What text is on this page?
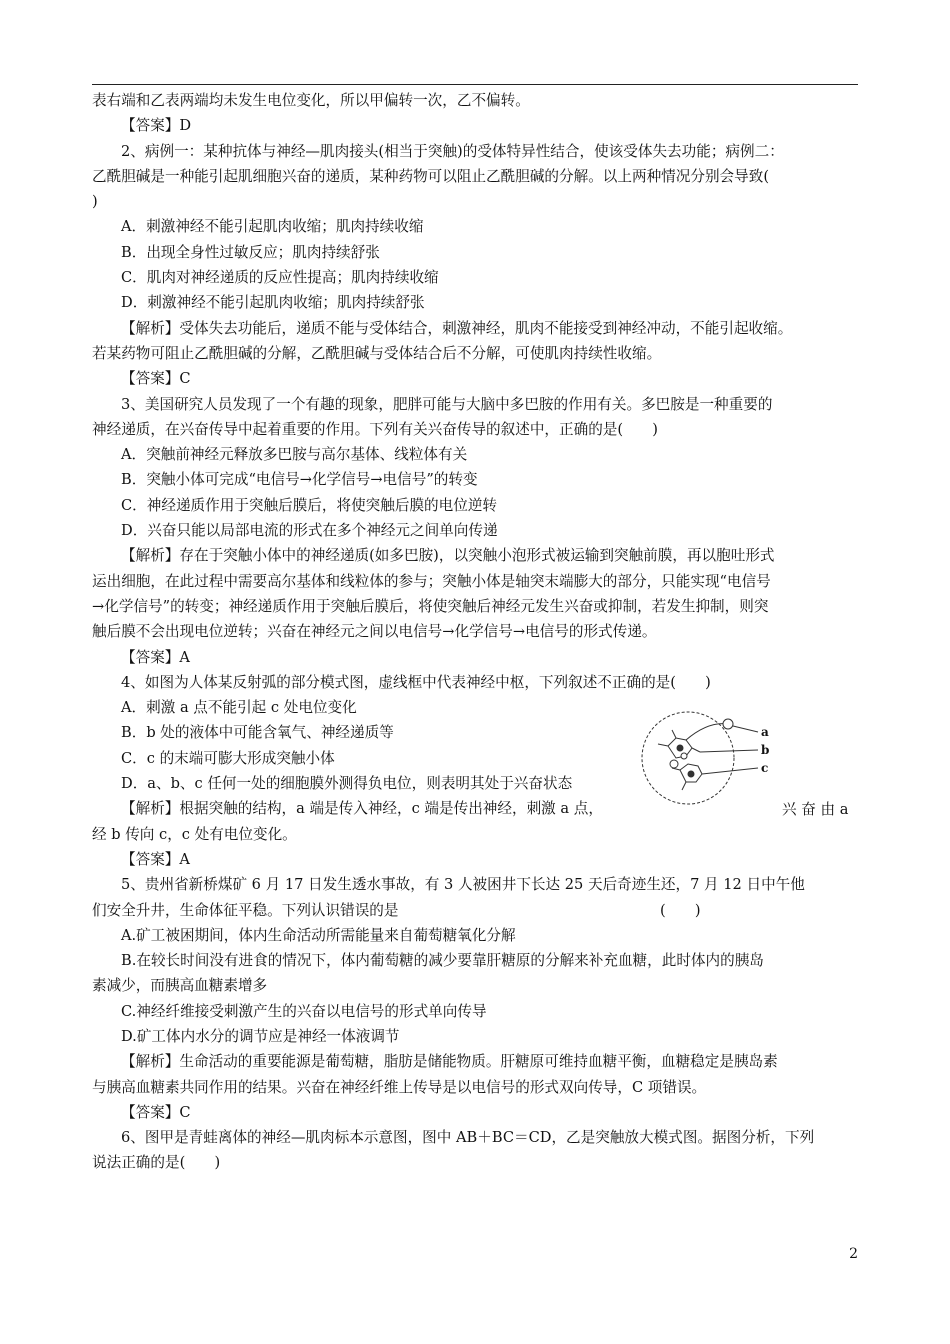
表右端和乙表两端均未发生电位变化，所以甲偏转一次，乙不偏转。
【答案】D
2、病例一：某种抗体与神经—肌肉接头(相当于突触)的受体特异性结合，使该受体失去功能；病例二：
乙酰胆碱是一种能引起肌细胞兴奋的递质，某种药物可以阻止乙酰胆碱的分解。以上两种情况分别会导致(
)
A．刺激神经不能引起肌肉收缩；肌肉持续收缩
B．出现全身性过敏反应；肌肉持续舒张
C．肌肉对神经递质的反应性提高；肌肉持续收缩
D．刺激神经不能引起肌肉收缩；肌肉持续舒张
【解析】受体失去功能后，递质不能与受体结合，刺激神经，肌肉不能接受到神经冲动，不能引起收缩。
若某药物可阻止乙酰胆碱的分解，乙酰胆碱与受体结合后不分解，可使肌肉持续性收缩。
【答案】C
3、美国研究人员发现了一个有趣的现象，肥胖可能与大脑中多巴胺的作用有关。多巴胺是一种重要的
神经递质，在兴奋传导中起着重要的作用。下列有关兴奋传导的叙述中，正确的是(　　)
A．突触前神经元释放多巴胺与高尔基体、线粒体有关
B．突触小体可完成“电信号→化学信号→电信号”的转变
C．神经递质作用于突触后膜后，将使突触后膜的电位逆转
D．兴奋只能以局部电流的形式在多个神经元之间单向传递
【解析】存在于突触小体中的神经递质(如多巴胺)，以突触小泡形式被运输到突触前膜，再以胞吐形式
运出细胞，在此过程中需要高尔基体和线粒体的参与；突触小体是轴突末端膨大的部分，只能实现“电信号
→化学信号”的转变；神经递质作用于突触后膜后，将使突触后神经元发生兴奋或抑制，若发生抑制，则突
触后膜不会出现电位逆转；兴奋在神经元之间以电信号→化学信号→电信号的形式传递。
【答案】A
4、如图为人体某反射弧的部分模式图，虚线框中代表神经中枢，下列叙述不正确的是(　　)
A．刺激 a 点不能引起 c 处电位变化
B．b 处的液体中可能含氧气、神经递质等
C．c 的末端可膨大形成突触小体
D．a、b、c 任何一处的细胞膜外测得负电位，则表明其处于兴奋状态
【解析】根据突触的结构，a 端是传入神经，c 端是传出神经，刺激 a 点，
经 b 传向 c，c 处有电位变化。
【答案】A
5、贵州省新桥煤矿 6 月 17 日发生透水事故，有 3 人被困井下长达 25 天后奇迹生还，7 月 12 日中午他
们安全升井，生命体征平稳。下列认识错误的是
A.矿工被困期间，体内生命活动所需能量来自葡萄糖氧化分解
B.在较长时间没有进食的情况下，体内葡萄糖的减少要靠肝糖原的分解来补充血糖，此时体内的胰岛
素减少，而胰高血糖素增多
C.神经纤维接受刺激产生的兴奋以电信号的形式单向传导
D.矿工体内水分的调节应是神经一体液调节
【解析】生命活动的重要能源是葡萄糖，脂肪是储能物质。肝糖原可维持血糖平衡，血糖稳定是胰岛素
与胰高血糖素共同作用的结果。兴奋在神经纤维上传导是以电信号的形式双向传导，C 项错误。
【答案】C
6、图甲是青蛙离体的神经—肌肉标本示意图，图中 AB＋BC＝CD，乙是突触放大模式图。据图分析，下列
说法正确的是(　　)
兴 奋 由 a
(　　)
a
b
c
2
